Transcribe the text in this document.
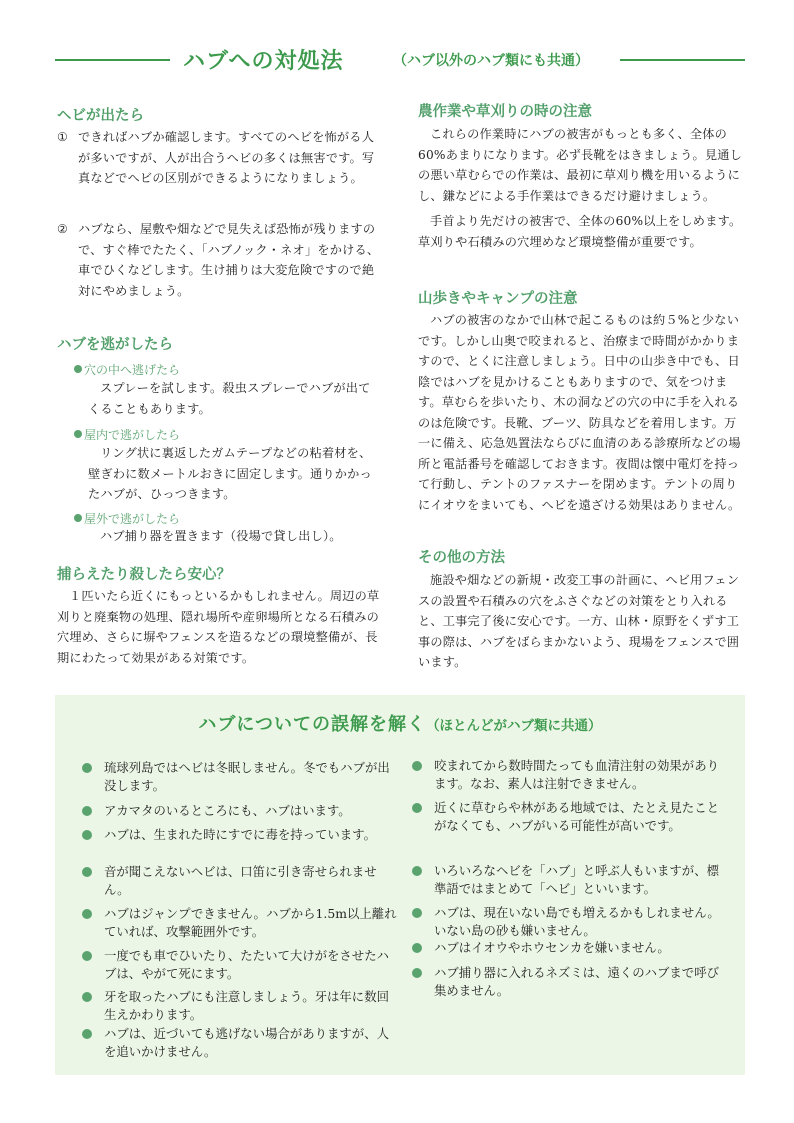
ハブへの対処法	（ハブ以外のハブ類にも共通）
ヘビが出たら
① できればハブか確認します。すべてのヘビを怖がる人が多いですが、人が出合うヘビの多くは無害です。写真などでヘビの区別ができるようになりましょう。
② ハブなら、屋敷や畑などで見失えば恐怖が残りますので、すぐ棒でたたく、「ハブノック・ネオ」をかける、車でひくなどします。生け捕りは大変危険ですので絶対にやめましょう。
ハブを逃がしたら
穴の中へ逃げたら
スプレーを試します。殺虫スプレーでハブが出てくることもあります。
屋内で逃がしたら
リング状に裏返したガムテープなどの粘着材を、壁ぎわに数メートルおきに固定します。通りかかったハブが、ひっつきます。
屋外で逃がしたら
ハブ捕り器を置きます（役場で貸し出し）。
捕らえたり殺したら安心？
１匹いたら近くにもっといるかもしれません。周辺の草刈りと廃棄物の処理、隠れ場所や産卵場所となる石積みの穴埋め、さらに塀やフェンスを造るなどの環境整備が、長期にわたって効果がある対策です。
農作業や草刈りの時の注意
これらの作業時にハブの被害がもっとも多く、全体の60%あまりになります。必ず長靴をはきましょう。見通しの悪い草むらでの作業は、最初に草刈り機を用いるようにし、鎌などによる手作業はできるだけ避けましょう。
手首より先だけの被害で、全体の60%以上をしめます。草刈りや石積みの穴埋めなど環境整備が重要です。
山歩きやキャンプの注意
ハブの被害のなかで山林で起こるものは約５%と少ないです。しかし山奥で咬まれると、治療まで時間がかかりますので、とくに注意しましょう。日中の山歩き中でも、日陰ではハブを見かけることもありますので、気をつけます。草むらを歩いたり、木の洞などの穴の中に手を入れるのは危険です。長靴、ブーツ、防具などを着用します。万一に備え、応急処置法ならびに血清のある診療所などの場所と電話番号を確認しておきます。夜間は懐中電灯を持って行動し、テントのファスナーを閉めます。テントの周りにイオウをまいても、ヘビを遠ざける効果はありません。
その他の方法
施設や畑などの新規・改変工事の計画に、ヘビ用フェンスの設置や石積みの穴をふさぐなどの対策をとり入れると、工事完了後に安心です。一方、山林・原野をくずす工事の際は、ハブをばらまかないよう、現場をフェンスで囲います。
ハブについての誤解を解く（ほとんどがハブ類に共通）
琉球列島ではヘビは冬眠しません。冬でもハブが出没します。
アカマタのいるところにも、ハブはいます。
ハブは、生まれた時にすでに毒を持っています。
音が聞こえないヘビは、口笛に引き寄せられません。
ハブはジャンプできません。ハブから1.5m以上離れていれば、攻撃範囲外です。
一度でも車でひいたり、たたいて大けがをさせたハブは、やがて死にます。
牙を取ったハブにも注意しましょう。牙は年に数回生えかわります。
ハブは、近づいても逃げない場合がありますが、人を追いかけません。
咬まれてから数時間たっても血清注射の効果があります。なお、素人は注射できません。
近くに草むらや林がある地域では、たとえ見たことがなくても、ハブがいる可能性が高いです。
いろいろなヘビを「ハブ」と呼ぶ人もいますが、標準語ではまとめて「ヘビ」といいます。
ハブは、現在いない島でも増えるかもしれません。いない島の砂も嫌いません。
ハブはイオウやホウセンカを嫌いません。
ハブ捕り器に入れるネズミは、遠くのハブまで呼び集めません。
